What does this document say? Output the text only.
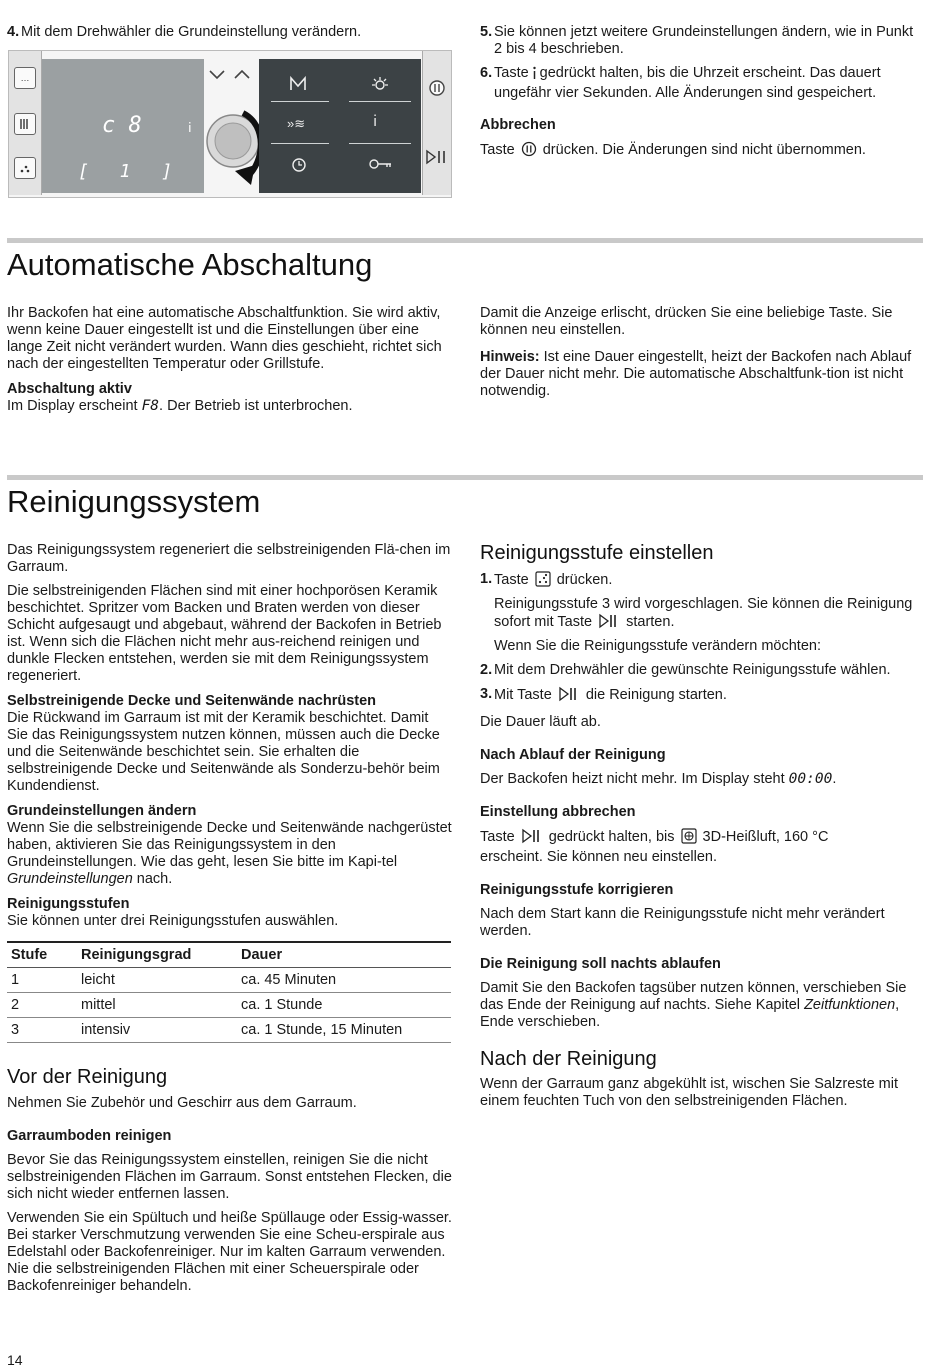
4. Mit dem Drehwähler die Grundeinstellung verändern.

…
c 8	ⅰ
[ 1 ]
»≋	ⅰ

5. Sie können jetzt weitere Grundeinstellungen ändern, wie in Punkt 2 bis 4 beschrieben.

6. Taste gedrückt halten, bis die Uhrzeit erscheint. Das dauert ungefähr vier Sekunden. Alle Änderungen sind gespeichert.

Abbrechen

Taste drücken. Die Änderungen sind nicht übernommen.

Automatische Abschaltung

Ihr Backofen hat eine automatische Abschaltfunktion. Sie wird aktiv, wenn keine Dauer eingestellt ist und die Einstellungen über eine lange Zeit nicht verändert wurden. Wann dies geschieht, richtet sich nach der eingestellten Temperatur oder Grillstufe.

Abschaltung aktiv

Im Display erscheint F8. Der Betrieb ist unterbrochen.

Damit die Anzeige erlischt, drücken Sie eine beliebige Taste. Sie können neu einstellen.

Hinweis: Ist eine Dauer eingestellt, heizt der Backofen nach Ablauf der Dauer nicht mehr. Die automatische Abschaltfunk-tion ist nicht notwendig.

Reinigungssystem

Das Reinigungssystem regeneriert die selbstreinigenden Flä-chen im Garraum.

Die selbstreinigenden Flächen sind mit einer hochporösen Keramik beschichtet. Spritzer vom Backen und Braten werden von dieser Schicht aufgesaugt und abgebaut, während der Backofen in Betrieb ist. Wenn sich die Flächen nicht mehr aus-reichend reinigen und dunkle Flecken entstehen, werden sie mit dem Reinigungssystem regeneriert.

Selbstreinigende Decke und Seitenwände nachrüsten

Die Rückwand im Garraum ist mit der Keramik beschichtet. Damit Sie das Reinigungssystem nutzen können, müssen auch die Decke und die Seitenwände beschichtet sein. Sie erhalten die selbstreinigende Decke und Seitenwände als Sonderzu-behör beim Kundendienst.

Grundeinstellungen ändern

Wenn Sie die selbstreinigende Decke und Seitenwände nachgerüstet haben, aktivieren Sie das Reinigungssystem in den Grundeinstellungen. Wie das geht, lesen Sie bitte im Kapi-tel Grundeinstellungen nach.

Reinigungsstufen

Sie können unter drei Reinigungsstufen auswählen.

Stufe	Reinigungsgrad	Dauer
1	leicht	ca. 45 Minuten
2	mittel	ca. 1 Stunde
3	intensiv	ca. 1 Stunde, 15 Minuten

Vor der Reinigung

Nehmen Sie Zubehör und Geschirr aus dem Garraum.

Garraumboden reinigen

Bevor Sie das Reinigungssystem einstellen, reinigen Sie die nicht selbstreinigenden Flächen im Garraum. Sonst entstehen Flecken, die sich nicht wieder entfernen lassen.

Verwenden Sie ein Spültuch und heiße Spüllauge oder Essig-wasser. Bei starker Verschmutzung verwenden Sie eine Scheu-erspirale aus Edelstahl oder Backofenreiniger. Nur im kalten Garraum verwenden. Nie die selbstreinigenden Flächen mit einer Scheuerspirale oder Backofenreiniger behandeln.

Reinigungsstufe einstellen

1. Taste drücken.

Reinigungsstufe 3 wird vorgeschlagen. Sie können die Reinigung sofort mit Taste starten.

Wenn Sie die Reinigungsstufe verändern möchten:

2. Mit dem Drehwähler die gewünschte Reinigungsstufe wählen.

3. Mit Taste die Reinigung starten.

Die Dauer läuft ab.

Nach Ablauf der Reinigung

Der Backofen heizt nicht mehr. Im Display steht 00:00.

Einstellung abbrechen

Taste gedrückt halten, bis 3D-Heißluft, 160 °C
erscheint. Sie können neu einstellen.

Reinigungsstufe korrigieren

Nach dem Start kann die Reinigungsstufe nicht mehr verändert werden.

Die Reinigung soll nachts ablaufen

Damit Sie den Backofen tagsüber nutzen können, verschieben Sie das Ende der Reinigung auf nachts. Siehe Kapitel Zeitfunktionen, Ende verschieben.

Nach der Reinigung

Wenn der Garraum ganz abgekühlt ist, wischen Sie Salzreste mit einem feuchten Tuch von den selbstreinigenden Flächen.

14
